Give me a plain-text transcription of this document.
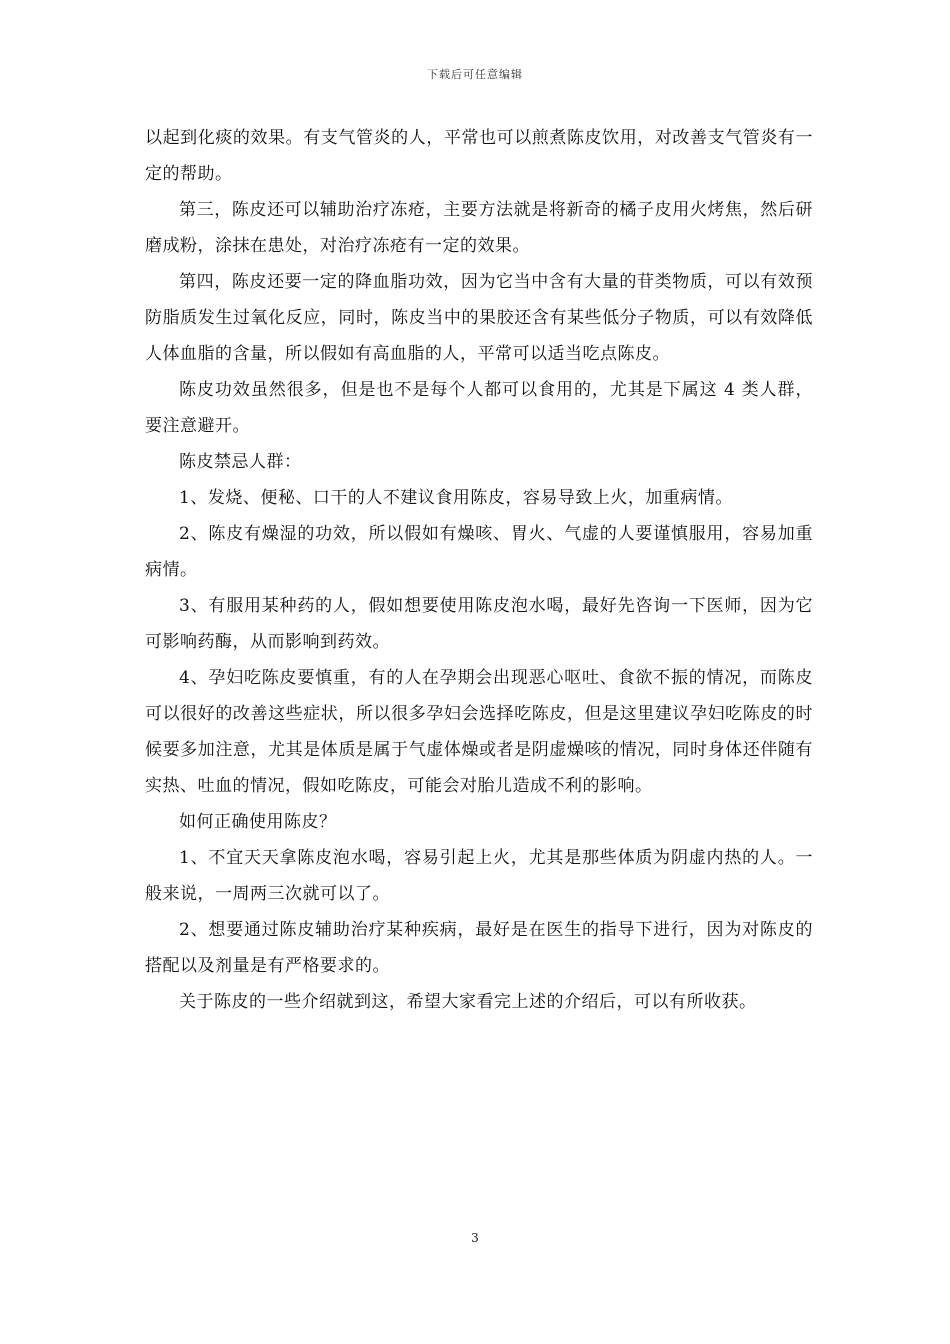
下载后可任意编辑

以起到化痰的效果。有支气管炎的人，平常也可以煎煮陈皮饮用，对改善支气管炎有一定的帮助。

第三，陈皮还可以辅助治疗冻疮，主要方法就是将新奇的橘子皮用火烤焦，然后研磨成粉，涂抹在患处，对治疗冻疮有一定的效果。

第四，陈皮还要一定的降血脂功效，因为它当中含有大量的苷类物质，可以有效预防脂质发生过氧化反应，同时，陈皮当中的果胶还含有某些低分子物质，可以有效降低人体血脂的含量，所以假如有高血脂的人，平常可以适当吃点陈皮。

陈皮功效虽然很多，但是也不是每个人都可以食用的，尤其是下属这 4 类人群，要注意避开。

陈皮禁忌人群：

1、发烧、便秘、口干的人不建议食用陈皮，容易导致上火，加重病情。

2、陈皮有燥湿的功效，所以假如有燥咳、胃火、气虚的人要谨慎服用，容易加重病情。

3、有服用某种药的人，假如想要使用陈皮泡水喝，最好先咨询一下医师，因为它可影响药酶，从而影响到药效。

4、孕妇吃陈皮要慎重，有的人在孕期会出现恶心呕吐、食欲不振的情况，而陈皮可以很好的改善这些症状，所以很多孕妇会选择吃陈皮，但是这里建议孕妇吃陈皮的时候要多加注意，尤其是体质是属于气虚体燥或者是阴虚燥咳的情况，同时身体还伴随有实热、吐血的情况，假如吃陈皮，可能会对胎儿造成不利的影响。

如何正确使用陈皮？

1、不宜天天拿陈皮泡水喝，容易引起上火，尤其是那些体质为阴虚内热的人。一般来说，一周两三次就可以了。

2、想要通过陈皮辅助治疗某种疾病，最好是在医生的指导下进行，因为对陈皮的搭配以及剂量是有严格要求的。

关于陈皮的一些介绍就到这，希望大家看完上述的介绍后，可以有所收获。

3
